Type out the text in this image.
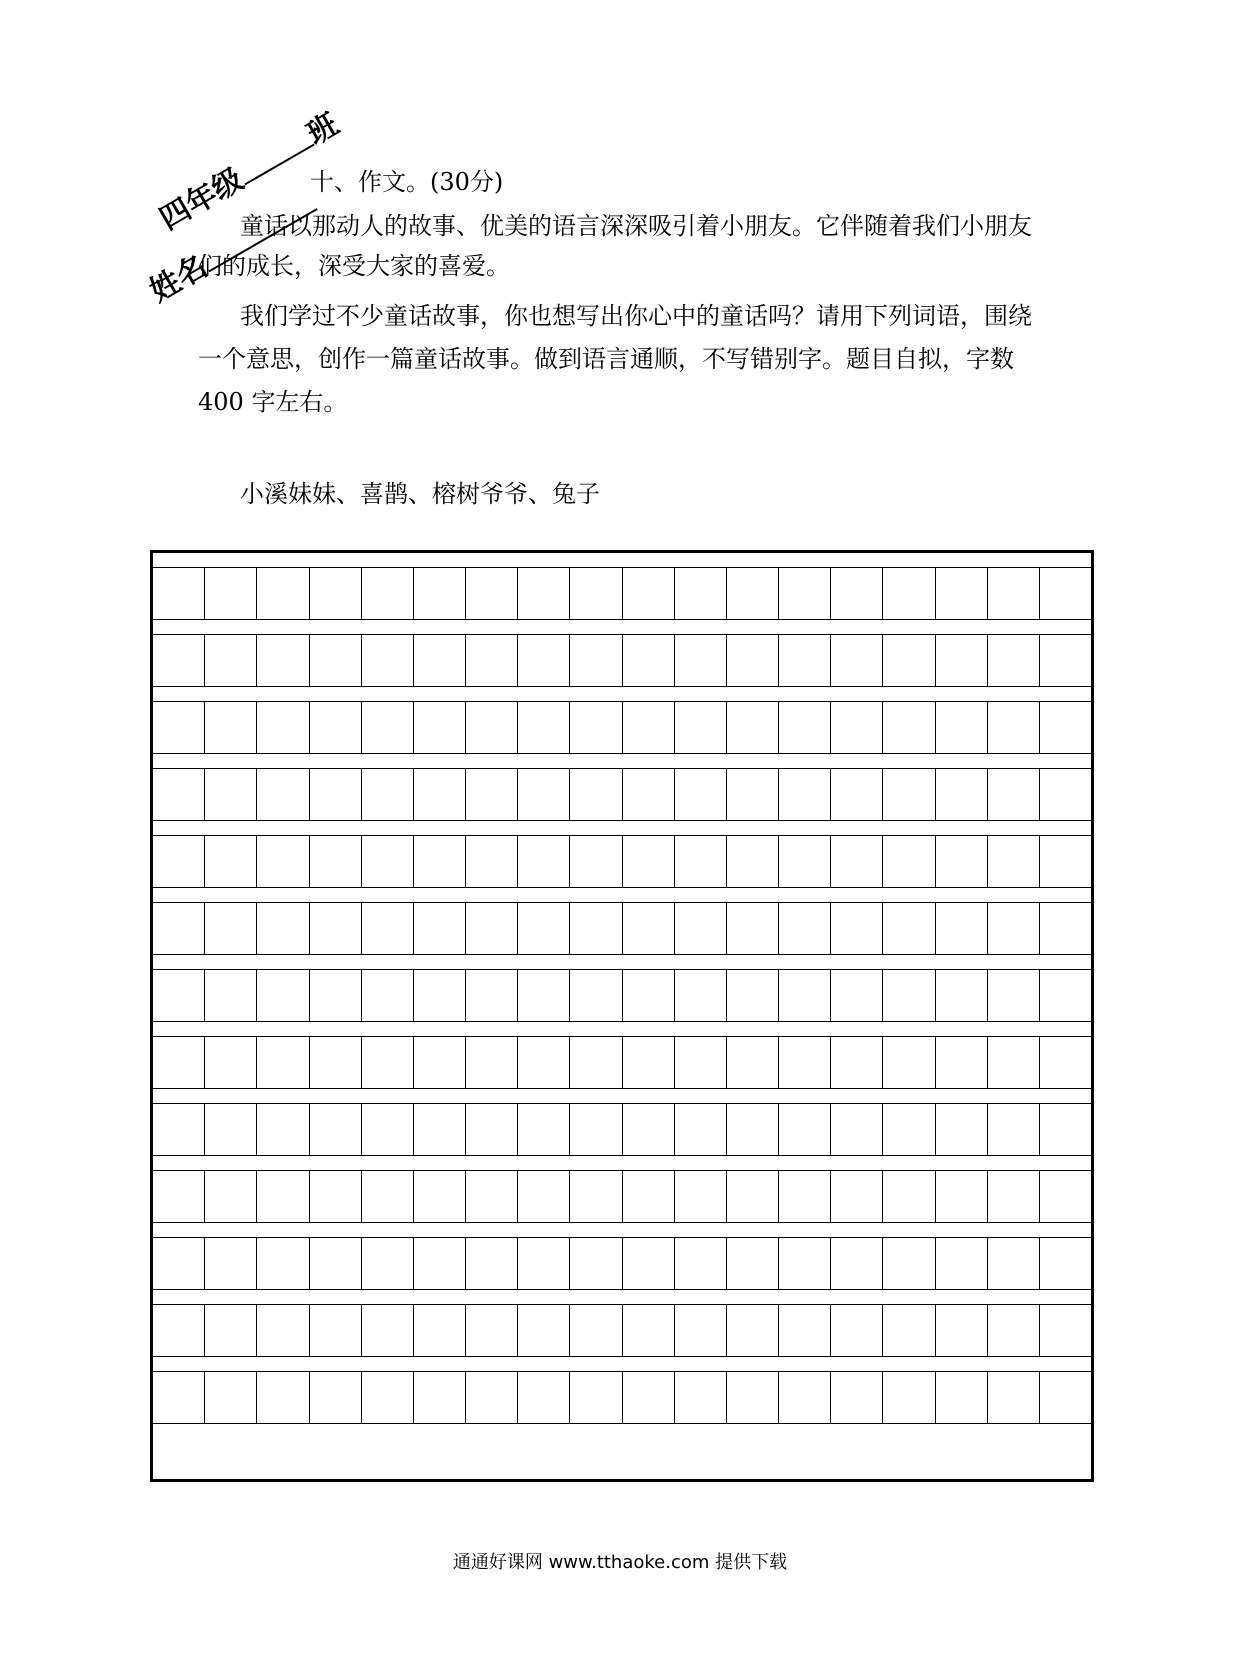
四年级班
姓名
十、作文。(30分)
童话以那动人的故事、优美的语言深深吸引着小朋友。它伴随着我们小朋友
们的成长，深受大家的喜爱。
我们学过不少童话故事，你也想写出你心中的童话吗？请用下列词语，围绕
一个意思，创作一篇童话故事。做到语言通顺，不写错别字。题目自拟，字数
400 字左右。
小溪妹妹、喜鹊、榕树爷爷、兔子
通通好课网 www.tthaoke.com 提供下载
